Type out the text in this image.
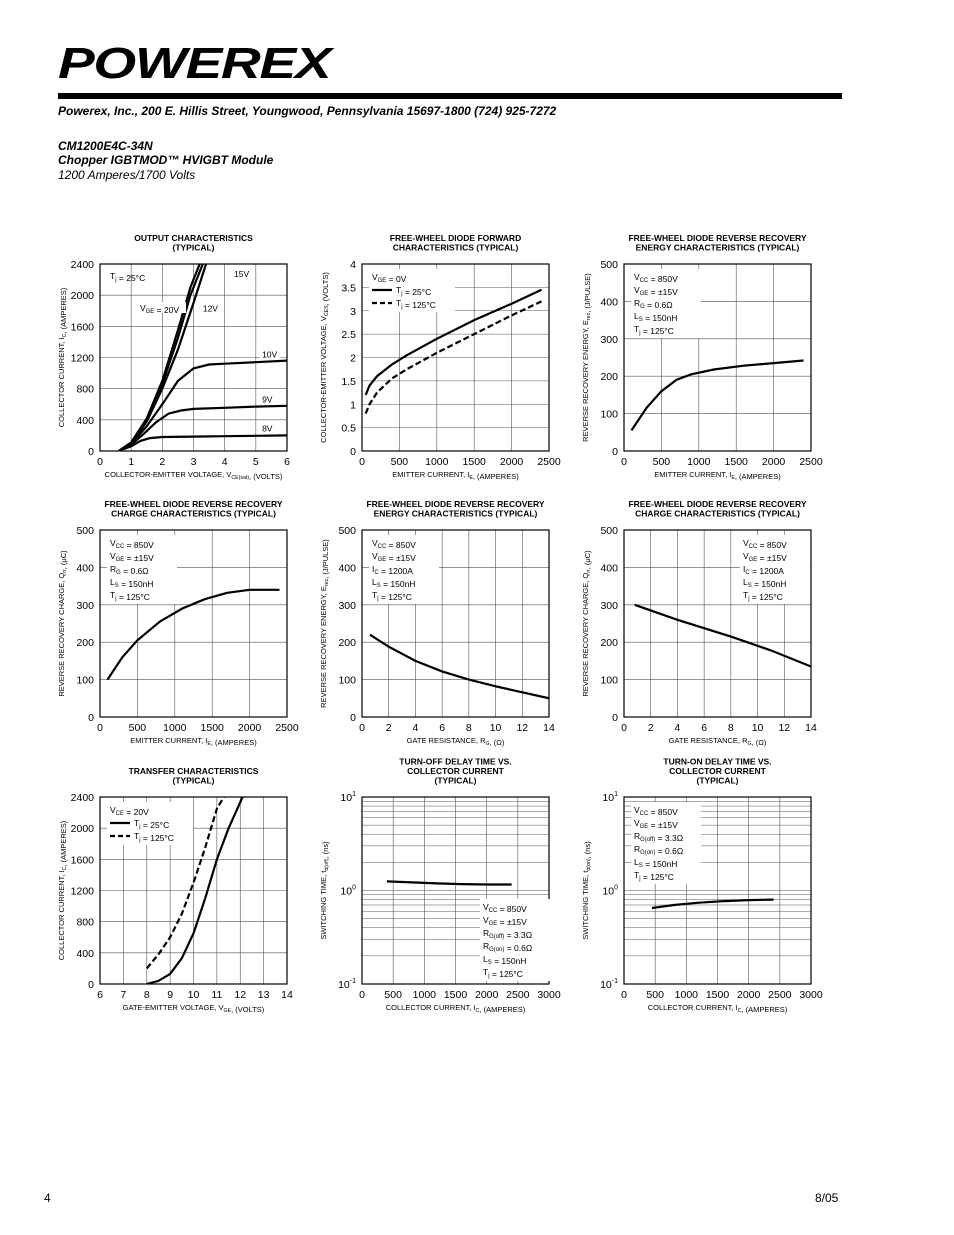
POWEREX
Powerex, Inc., 200 E. Hillis Street, Youngwood, Pennsylvania 15697-1800 (724) 925-7272
CM1200E4C-34N
Chopper IGBTMOD™ HVIGBT Module
1200 Amperes/1700 Volts
OUTPUT CHARACTERISTICS
(TYPICAL)
0 1 2 3 4 5 6
0
400
800
1200
1600
2000
2400
COLLECTOR-EMITTER VOLTAGE, $V_{CE(sat)}$, (VOLTS)
COLLECTOR CURRENT, $I_C$, (AMPERES)
15V
12V
10V
9V
8V
$T_j = 25^\circ C$
$V_{GE} = 20V$
FREE-WHEEL DIODE FORWARD
CHARACTERISTICS (TYPICAL)
0 500 1000 1500 2000 2500
0
0.5
1
1.5
2
2.5
3
3.5
4
EMITTER CURRENT, $I_E$, (AMPERES)
COLLECTOR-EMITTER VOLTAGE, $V_{CES}$, (VOLTS)	$V_{GE} = 0V$
$T_j = 25^\circ C$
$T_j = 125^\circ C$
FREE-WHEEL DIODE REVERSE RECOVERY
ENERGY CHARACTERISTICS (TYPICAL)
0 500 1000 1500 2000 2500
0
100
200
300
400
500
EMITTER CURRENT, $I_E$, (AMPERES)
REVERSE RECOVERY ENERGY, $E_{rec}$, (J/PULSE)	$V_{CC} = 850V$
$V_{GE} = \pm 15V$
$R_G = 0.6\Omega$
$L_S = 150nH$
$T_j = 125^\circ C$
FREE-WHEEL DIODE REVERSE RECOVERY
CHARGE CHARACTERISTICS (TYPICAL)
0 500 1000 1500 2000 2500
0
100
200
300
400
500
EMITTER CURRENT, $I_E$, (AMPERES)
REVERSE RECOVERY CHARGE, $Q_{rr}$, (μC)
$V_{CC} = 850V$
$V_{GE} = \pm 15V$
$R_G = 0.6\Omega$
$L_S = 150nH$
$T_j = 125^\circ C$
FREE-WHEEL DIODE REVERSE RECOVERY
ENERGY CHARACTERISTICS (TYPICAL)
0 2 4 6 8 10 12 14
0
100
200
300
400
500
GATE RESISTANCE, $R_G$, (Ω)
REVERSE RECOVERY ENERGY, $E_{rec}$, (J/PULSE)	$V_{CC} = 850V$
$V_{GE} = \pm 15V$
$I_C = 1200A$
$L_S = 150nH$
$T_j = 125^\circ C$
FREE-WHEEL DIODE REVERSE RECOVERY
CHARGE CHARACTERISTICS (TYPICAL)
0 2 4 6 8 10 12 14
0
100
200
300
400
500
GATE RESISTANCE, $R_G$, (Ω)
REVERSE RECOVERY CHARGE, $Q_{rr}$, (μC)
$V_{CC} = 850V$
$V_{GE} = \pm 15V$
$I_C = 1200A$
$L_S = 150nH$
$T_j = 125^\circ C$
TRANSFER CHARACTERISTICS
(TYPICAL)
6 7 8 9 10 11 12 13 14
0
400
800
1200
1600
2000
2400
GATE-EMITTER VOLTAGE, $V_{GE}$, (VOLTS)
COLLECTOR CURRENT, $I_C$, (AMPERES)
$V_{CE} = 20V$
$T_j = 25^\circ C$
$T_j = 125^\circ C$
TURN-OFF DELAY TIME VS.
COLLECTOR CURRENT
(TYPICAL)
0 500 1000 1500 2000 2500 3000
$10^{-1}$
$10^0$
$10^1$
COLLECTOR CURRENT, $I_C$, (AMPERES)
SWITCHING TIME, $t_{d(off)}$, (ns)
$V_{CC} = 850V$
$V_{GE} = \pm 15V$
$R_{G(off)} = 3.3\Omega$
$R_{G(on)} = 0.6\Omega$
$L_S = 150nH$
$T_j = 125^\circ C$
TURN-ON DELAY TIME VS.
COLLECTOR CURRENT
(TYPICAL)
0 500 1000 1500 2000 2500 3000
$10^{-1}$
$10^0$
$10^1$
COLLECTOR CURRENT, $I_C$, (AMPERES)
SWITCHING TIME, $t_{d(on)}$, (ns)
$V_{CC} = 850V$
$V_{GE} = \pm 15V$
$R_{G(off)} = 3.3\Omega$
$R_{G(on)} = 0.6\Omega$
$L_S = 150nH$
$T_j = 125^\circ C$
4	8/05
